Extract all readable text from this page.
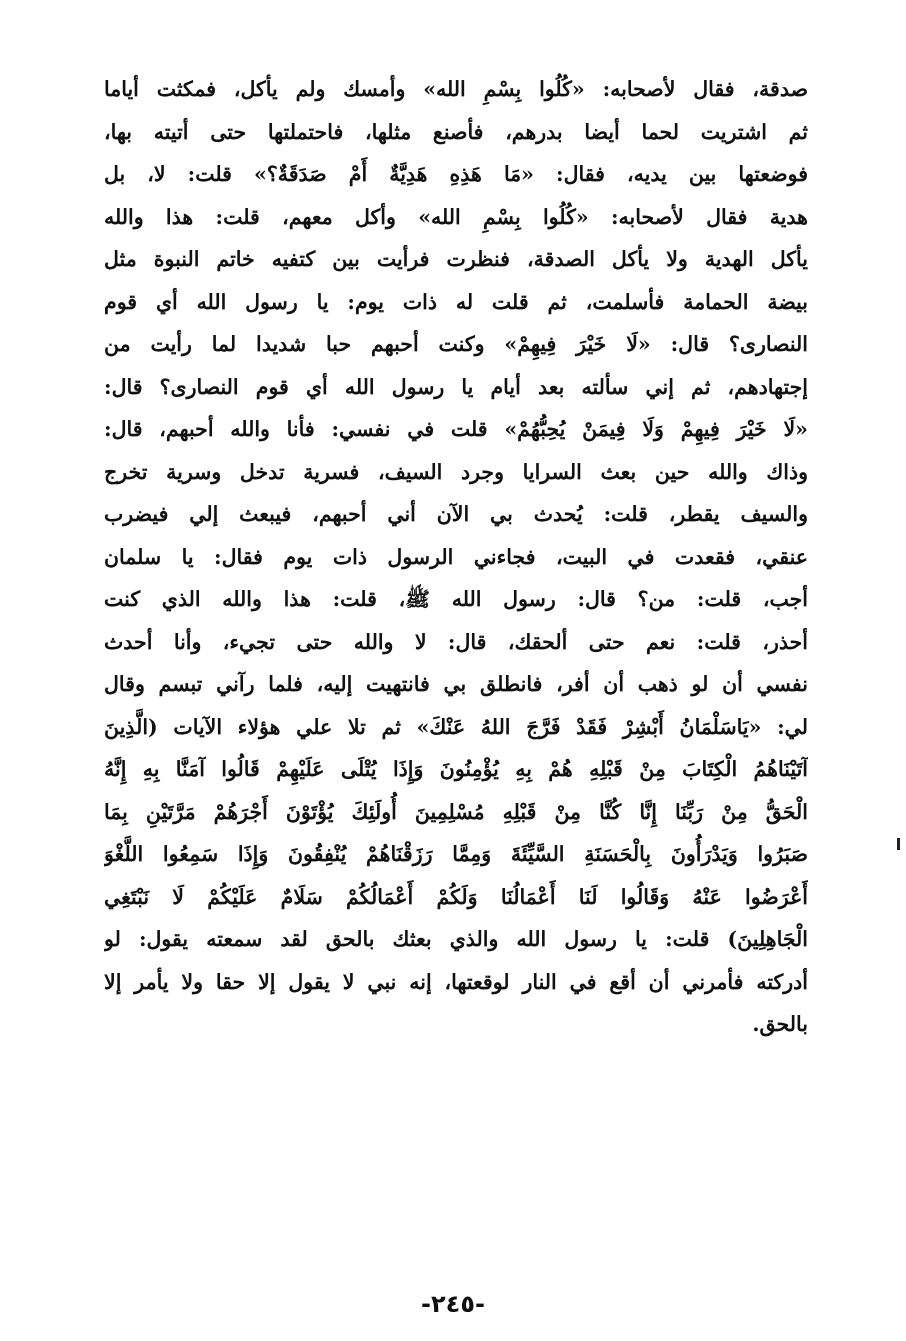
صدقة، فقال لأصحابه: «كُلُوا بِسْمِ الله» وأمسك ولم يأكل، فمكثت أياما
ثم اشتريت لحما أيضا بدرهم، فأصنع مثلها، فاحتملتها حتى أتيته بها،
فوضعتها بين يديه، فقال: «مَا هَذِهِ هَدِيَّةٌ أَمْ صَدَقَةٌ؟» قلت: لا، بل
هدية فقال لأصحابه: «كُلُوا بِسْمِ الله» وأكل معهم، قلت: هذا والله
يأكل الهدية ولا يأكل الصدقة، فنظرت فرأيت بين كتفيه خاتم النبوة مثل
بيضة الحمامة فأسلمت، ثم قلت له ذات يوم: يا رسول الله أي قوم
النصارى؟ قال: «لَا خَيْرَ فِيهِمْ» وكنت أحبهم حبا شديدا لما رأيت من
إجتهادهم، ثم إني سألته بعد أيام يا رسول الله أي قوم النصارى؟ قال:
«لَا خَيْرَ فِيهِمْ وَلَا فِيمَنْ يُحِبُّهُمْ» قلت في نفسي: فأنا والله أحبهم، قال:
وذاك والله حين بعث السرايا وجرد السيف، فسرية تدخل وسرية تخرج
والسيف يقطر، قلت: يُحدث بي الآن أني أحبهم، فيبعث إلي فيضرب
عنقي، فقعدت في البيت، فجاءني الرسول ذات يوم فقال: يا سلمان
أجب، قلت: من؟ قال: رسول الله ﷺ، قلت: هذا والله الذي كنت
أحذر، قلت: نعم حتى ألحقك، قال: لا والله حتى تجيء، وأنا أحدث
نفسي أن لو ذهب أن أفر، فانطلق بي فانتهيت إليه، فلما رآني تبسم وقال
لي: «يَاسَلْمَانُ أَبْشِرْ فَقَدْ فَرَّجَ اللهُ عَنْكَ» ثم تلا علي هؤلاء الآيات (الَّذِينَ
آتَيْنَاهُمُ الْكِتَابَ مِنْ قَبْلِهِ هُمْ بِهِ يُؤْمِنُونَ وَإِذَا يُتْلَى عَلَيْهِمْ قَالُوا آمَنَّا بِهِ إِنَّهُ
الْحَقُّ مِنْ رَبِّنَا إِنَّا كُنَّا مِنْ قَبْلِهِ مُسْلِمِينَ أُولَئِكَ يُؤْتَوْنَ أَجْرَهُمْ مَرَّتَيْنِ بِمَا
صَبَرُوا وَيَدْرَأُونَ بِالْحَسَنَةِ السَّيِّئَةَ وَمِمَّا رَزَقْنَاهُمْ يُنْفِقُونَ وَإِذَا سَمِعُوا اللَّغْوَ
أَعْرَضُوا عَنْهُ وَقَالُوا لَنَا أَعْمَالُنَا وَلَكُمْ أَعْمَالُكُمْ سَلَامٌ عَلَيْكُمْ لَا نَبْتَغِي
الْجَاهِلِينَ) قلت: يا رسول الله والذي بعثك بالحق لقد سمعته يقول: لو
أدركته فأمرني أن أقع في النار لوقعتها، إنه نبي لا يقول إلا حقا ولا يأمر إلا
بالحق.
-٢٤٥-
